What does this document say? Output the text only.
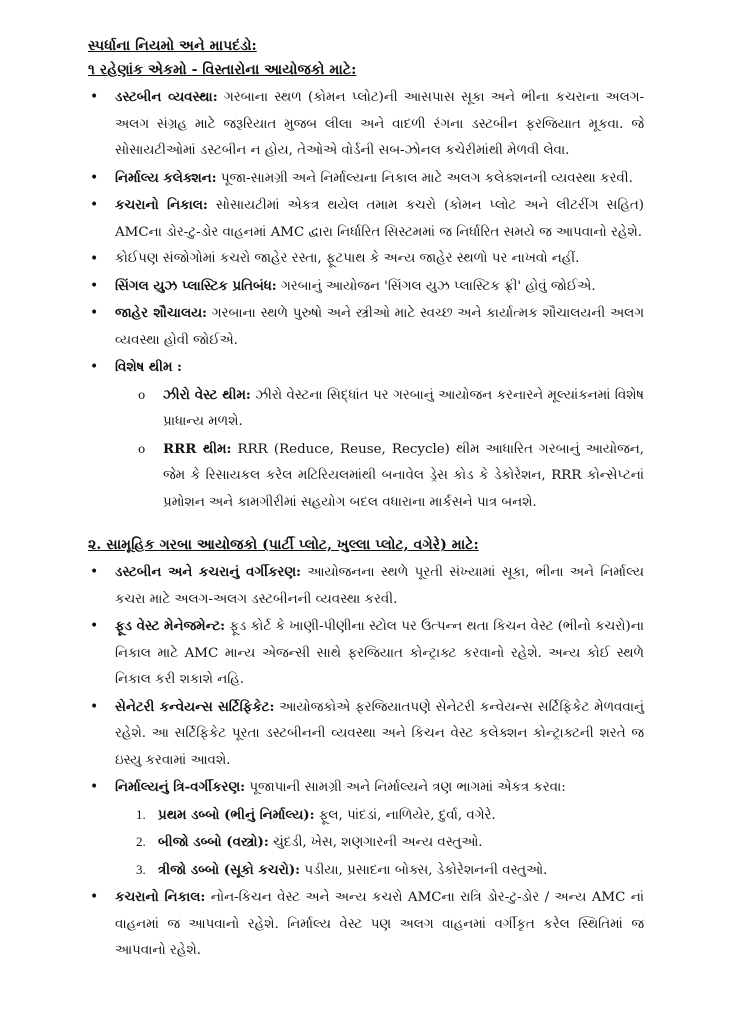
સ્પર્ધાના નિયમો અને માપદંડો:

૧ રહેણાંક એકમો - વિસ્તારોના આયોજકો માટે:

• ડસ્ટબીન વ્યવસ્થા: ગરબાના સ્થળ (કોમન પ્લોટ)ની આસપાસ સૂકા અને ભીના કચરાના અલગ-અલગ સંગ્રહ માટે જરૂરિયાત મુજબ લીલા અને વાદળી રંગના ડસ્ટબીન ફરજિયાત મૂકવા. જે સોસાયટીઓમાં ડસ્ટબીન ન હોય, તેઓએ વોર્ડની સબ-ઝોનલ કચેરીમાંથી મેળવી લેવા.
• નિર્માલ્ય કલેક્શન: પૂજા-સામગ્રી અને નિર્માલ્યના નિકાલ માટે અલગ કલેક્શનની વ્યવસ્થા કરવી.
• કચરાનો નિકાલ: સોસાયટીમાં એકત્ર થયેલ તમામ કચરો (કોમન પ્લોટ અને લીટરીંગ સહિત) AMCના ડોર-ટુ-ડોર વાહનમાં AMC દ્વારા નિર્ધારિત સિસ્ટમમાં જ નિર્ધારિત સમયે જ આપવાનો રહેશે.
• કોઈપણ સંજોગોમાં કચરો જાહેર રસ્તા, ફૂટપાથ કે અન્ય જાહેર સ્થળો પર નાખવો નહીં.
• સિંગલ યુઝ પ્લાસ્ટિક પ્રતિબંધ: ગરબાનું આયોજન 'સિંગલ યુઝ પ્લાસ્ટિક ફ્રી' હોવું જોઈએ.
• જાહેર શૌચાલય: ગરબાના સ્થળે પુરુષો અને સ્ત્રીઓ માટે સ્વચ્છ અને કાર્યાત્મક શૌચાલયની અલગ વ્યવસ્થા હોવી જોઈએ.
• વિશેષ થીમ :
o ઝીરો વેસ્ટ થીમ: ઝીરો વેસ્ટના સિદ્ધાંત પર ગરબાનું આયોજન કરનારને મૂલ્યાંકનમાં વિશેષ પ્રાધાન્ય મળશે.
o RRR થીમ: RRR (Reduce, Reuse, Recycle) થીમ આધારિત ગરબાનું આયોજન, જેમ કે રિસાયકલ કરેલ મટિરિયલમાંથી બનાવેલ ડ્રેસ કોડ કે ડેકોરેશન, RRR કોન્સેપ્ટનાં પ્રમોશન અને કામગીરીમાં સહયોગ બદલ વધારાના માર્કસને પાત્ર બનશે.

૨. સામૂહિક ગરબા આયોજકો (પાર્ટી પ્લોટ, ખુલ્લા પ્લોટ, વગેરે) માટે:

• ડસ્ટબીન અને કચરાનું વર્ગીકરણ: આયોજનના સ્થળે પૂરતી સંખ્યામાં સૂકા, ભીના અને નિર્માલ્ય કચરા માટે અલગ-અલગ ડસ્ટબીનની વ્યવસ્થા કરવી.
• ફૂડ વેસ્ટ મેનેજમેન્ટ: ફૂડ કોર્ટ કે ખાણી-પીણીના સ્ટોલ પર ઉત્પન્ન થતા કિચન વેસ્ટ (ભીનો કચરો)ના નિકાલ માટે AMC માન્ય એજન્સી સાથે ફરજિયાત કોન્ટ્રાક્ટ કરવાનો રહેશે. અન્ય કોઈ સ્થળે નિકાલ કરી શકાશે નહિ.
• સેનેટરી કન્વેયન્સ સર્ટિફિકેટ: આયોજકોએ ફરજિયાતપણે સેનેટરી કન્વેયન્સ સર્ટિફિકેટ મેળવવાનું રહેશે. આ સર્ટિફિકેટ પૂરતા ડસ્ટબીનની વ્યવસ્થા અને કિચન વેસ્ટ કલેક્શન કોન્ટ્રાક્ટની શરતે જ ઇસ્યુ કરવામાં આવશે.
• નિર્માલ્યનું ત્રિ-વર્ગીકરણ: પૂજાપાની સામગ્રી અને નિર્માલ્યને ત્રણ ભાગમાં એકત્ર કરવા:
1. પ્રથમ ડબ્બો (ભીનું નિર્માલ્ય): ફૂલ, પાંદડાં, નાળિયેર, દુર્વા, વગેરે.
2. બીજો ડબ્બો (વસ્ત્રો): ચુંદડી, ખેસ, શણગારની અન્ય વસ્તુઓ.
3. ત્રીજો ડબ્બો (સૂકો કચરો): પડીયા, પ્રસાદના બોક્સ, ડેકોરેશનની વસ્તુઓ.
• કચરાનો નિકાલ: નોન-કિચન વેસ્ટ અને અન્ય કચરો AMCના રાત્રિ ડોર-ટુ-ડોર / અન્ય AMC નાં વાહનમાં જ આપવાનો રહેશે. નિર્માલ્ય વેસ્ટ પણ અલગ વાહનમાં વર્ગીકૃત કરેલ સ્થિતિમાં જ આપવાનો રહેશે.
